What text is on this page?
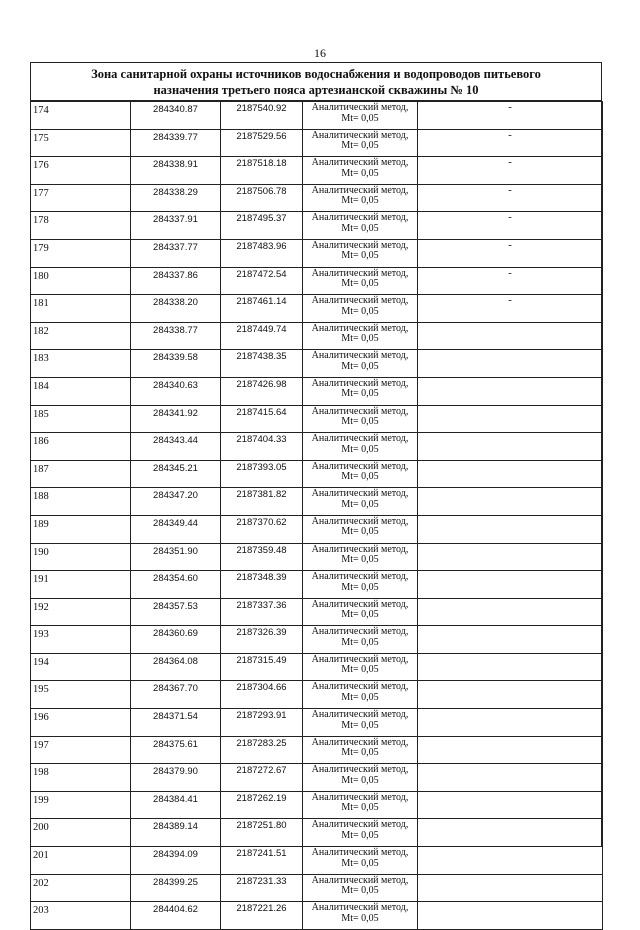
16
Зона санитарной охраны источников водоснабжения и водопроводов питьевого
назначения третьего пояса артезианской скважины № 10
174	284340.87	2187540.92	Аналитический метод,
Mt= 0,05	-
175	284339.77	2187529.56	Аналитический метод,
Mt= 0,05	-
176	284338.91	2187518.18	Аналитический метод,
Mt= 0,05	-
177	284338.29	2187506.78	Аналитический метод,
Mt= 0,05	-
178	284337.91	2187495.37	Аналитический метод,
Mt= 0,05	-
179	284337.77	2187483.96	Аналитический метод,
Mt= 0,05	-
180	284337.86	2187472.54	Аналитический метод,
Mt= 0,05	-
181	284338.20	2187461.14	Аналитический метод,
Mt= 0,05	-
182	284338.77	2187449.74	Аналитический метод,
Mt= 0,05	

183	284339.58	2187438.35	Аналитический метод,
Mt= 0,05	

184	284340.63	2187426.98	Аналитический метод,
Mt= 0,05	

185	284341.92	2187415.64	Аналитический метод,
Mt= 0,05	

186	284343.44	2187404.33	Аналитический метод,
Mt= 0,05	

187	284345.21	2187393.05	Аналитический метод,
Mt= 0,05	

188	284347.20	2187381.82	Аналитический метод,
Mt= 0,05	

189	284349.44	2187370.62	Аналитический метод,
Mt= 0,05	

190	284351.90	2187359.48	Аналитический метод,
Mt= 0,05	

191	284354.60	2187348.39	Аналитический метод,
Mt= 0,05	

192	284357.53	2187337.36	Аналитический метод,
Mt= 0,05	

193	284360.69	2187326.39	Аналитический метод,
Mt= 0,05	

194	284364.08	2187315.49	Аналитический метод,
Mt= 0,05	

195	284367.70	2187304.66	Аналитический метод,
Mt= 0,05	

196	284371.54	2187293.91	Аналитический метод,
Mt= 0,05	

197	284375.61	2187283.25	Аналитический метод,
Mt= 0,05	

198	284379.90	2187272.67	Аналитический метод,
Mt= 0,05	

199	284384.41	2187262.19	Аналитический метод,
Mt= 0,05	

200	284389.14	2187251.80	Аналитический метод,
Mt= 0,05	

201	284394.09	2187241.51	Аналитический метод,
Mt= 0,05	

202	284399.25	2187231.33	Аналитический метод,
Mt= 0,05	

203	284404.62	2187221.26	Аналитический метод,
Mt= 0,05	
